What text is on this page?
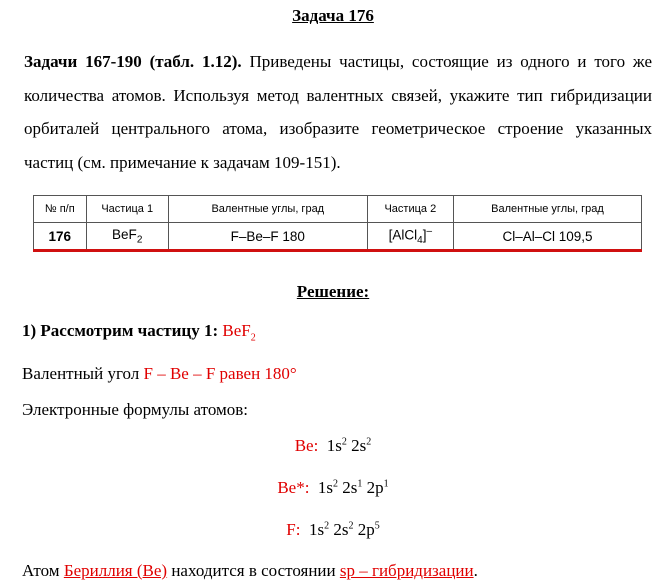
Задача 176
Задачи 167-190 (табл. 1.12). Приведены частицы, состоящие из одного и того же количества атомов. Используя метод валентных связей, укажите тип гибридизации орбиталей центрального атома, изобразите геометрическое строение указанных частиц (см. примечание к задачам 109-151).
№ п/п	Частица 1	Валентные углы, град	Частица 2	Валентные углы, град
176	BeF$_2$	F–Be–F 180	[AlCl$_4$]–	Cl–Al–Cl 109,5
Решение:
1) Рассмотрим частицу 1: BeF$_2$
Валентный угол F – Be – F равен 180°
Электронные формулы атомов:
Be: $1s^2$ $2s^2$
Be*: $1s^2$ $2s^1$ $2p^1$
F: $1s^2$ $2s^2$ $2p^5$
Атом Бериллия (Be) находится в состоянии sp – гибридизации.
